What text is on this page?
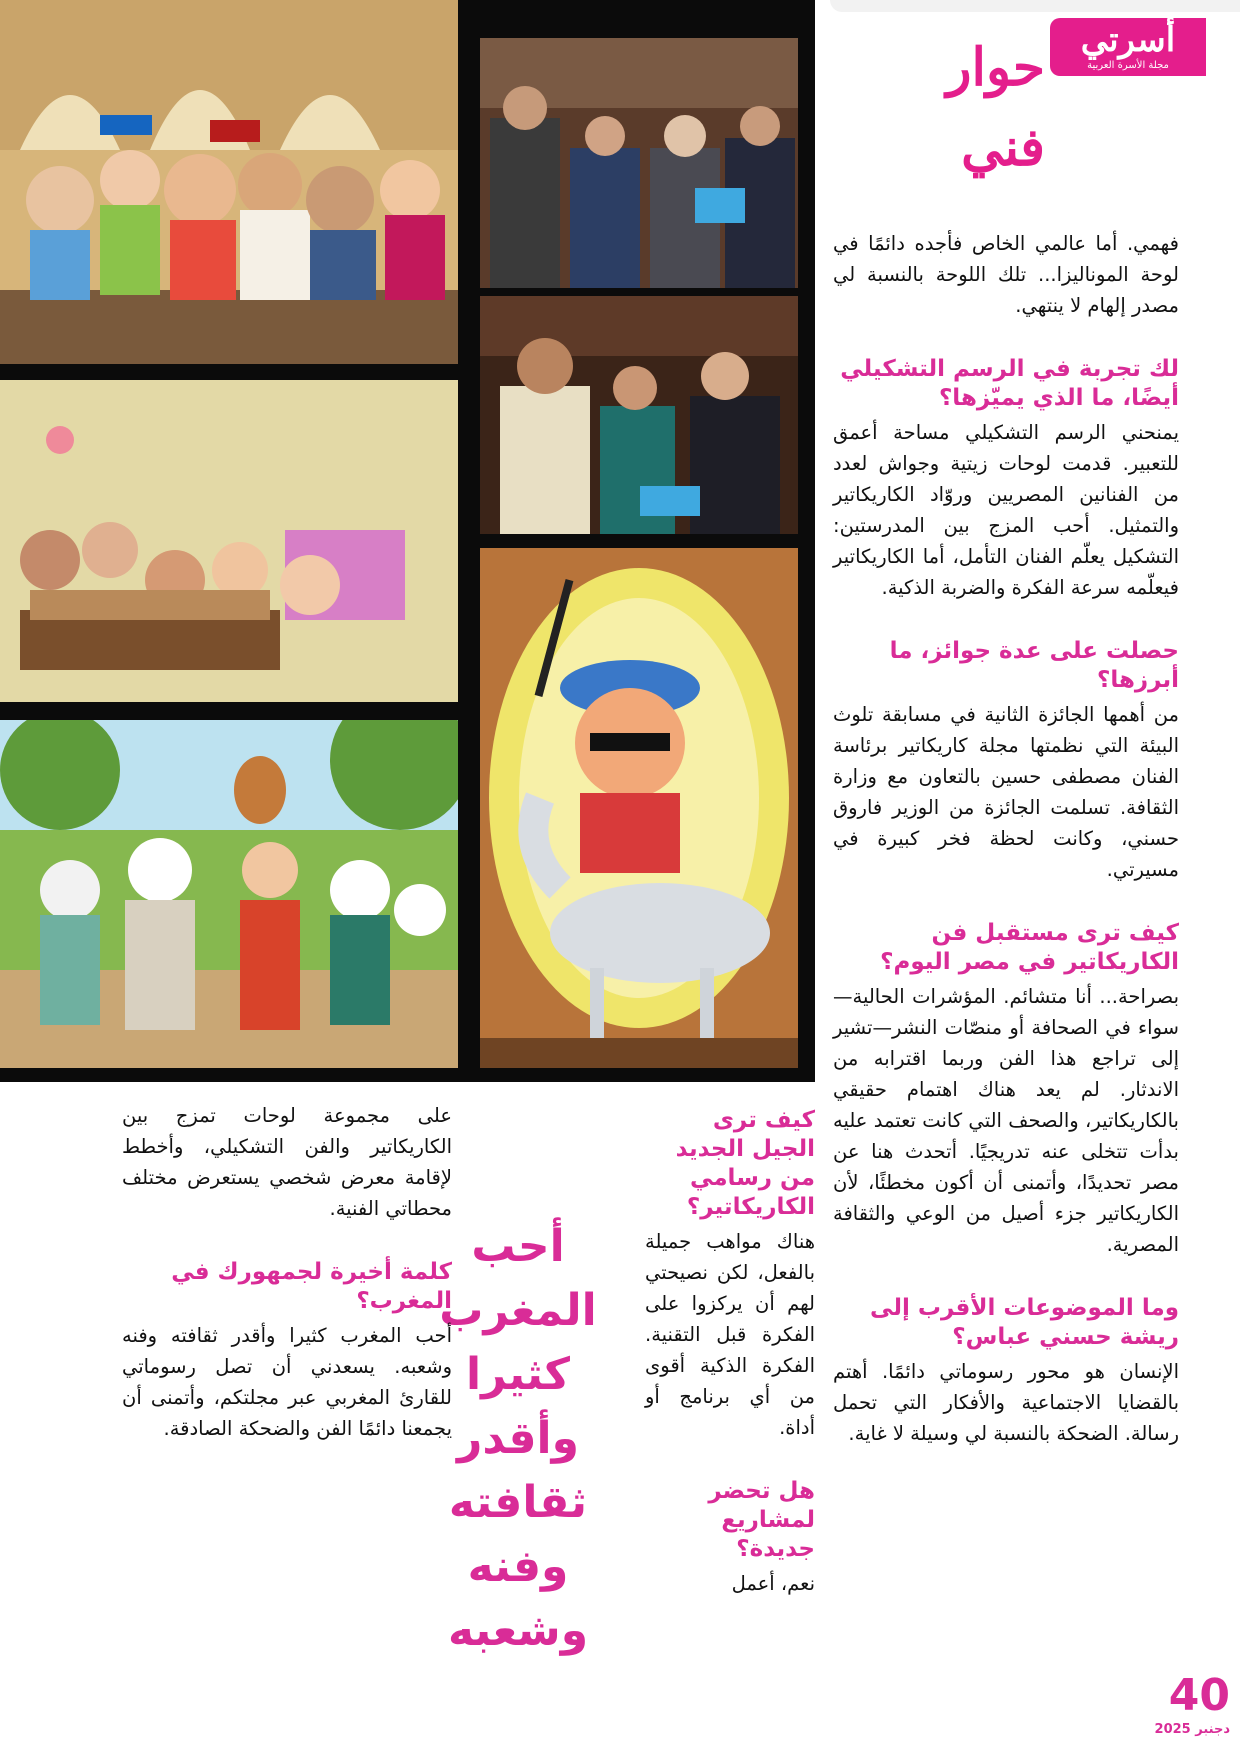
أسرتي
مجلة الأسرة العربية
حوار فني

فهمي. أما عالمي الخاص فأجده دائمًا في لوحة الموناليزا... تلك اللوحة بالنسبة لي مصدر إلهام لا ينتهي.

لك تجربة في الرسم التشكيلي أيضًا، ما الذي يميّزها؟

يمنحني الرسم التشكيلي مساحة أعمق للتعبير. قدمت لوحات زيتية وجواش لعدد من الفنانين المصريين وروّاد الكاريكاتير والتمثيل. أحب المزج بين المدرستين: التشكيل يعلّم الفنان التأمل، أما الكاريكاتير فيعلّمه سرعة الفكرة والضربة الذكية.

حصلت على عدة جوائز، ما أبرزها؟

من أهمها الجائزة الثانية في مسابقة تلوث البيئة التي نظمتها مجلة كاريكاتير برئاسة الفنان مصطفى حسين بالتعاون مع وزارة الثقافة. تسلمت الجائزة من الوزير فاروق حسني، وكانت لحظة فخر كبيرة في مسيرتي.

كيف ترى مستقبل فن الكاريكاتير في مصر اليوم؟

بصراحة... أنا متشائم. المؤشرات الحالية—سواء في الصحافة أو منصّات النشر—تشير إلى تراجع هذا الفن وربما اقترابه من الاندثار. لم يعد هناك اهتمام حقيقي بالكاريكاتير، والصحف التي كانت تعتمد عليه بدأت تتخلى عنه تدريجيًا. أتحدث هنا عن مصر تحديدًا، وأتمنى أن أكون مخطئًا، لأن الكاريكاتير جزء أصيل من الوعي والثقافة المصرية.

وما الموضوعات الأقرب إلى ريشة حسني عباس؟

الإنسان هو محور رسوماتي دائمًا. أهتم بالقضايا الاجتماعية والأفكار التي تحمل رسالة. الضحكة بالنسبة لي وسيلة لا غاية.

كيف ترى الجيل الجديد من رسامي الكاريكاتير؟

هناك مواهب جميلة بالفعل، لكن نصيحتي لهم أن يركزوا على الفكرة قبل التقنية. الفكرة الذكية أقوى من أي برنامج أو أداة.

هل تحضر لمشاريع جديدة؟

نعم، أعمل

أحب المغرب كثيرا وأقدر ثقافته وفنه وشعبه

على مجموعة لوحات تمزج بين الكاريكاتير والفن التشكيلي، وأخطط لإقامة معرض شخصي يستعرض مختلف محطاتي الفنية.

كلمة أخيرة لجمهورك في المغرب؟

أحب المغرب كثيرا وأقدر ثقافته وفنه وشعبه. يسعدني أن تصل رسوماتي للقارئ المغربي عبر مجلتكم، وأتمنى أن يجمعنا دائمًا الفن والضحكة الصادقة.

40
دجنبر 2025
